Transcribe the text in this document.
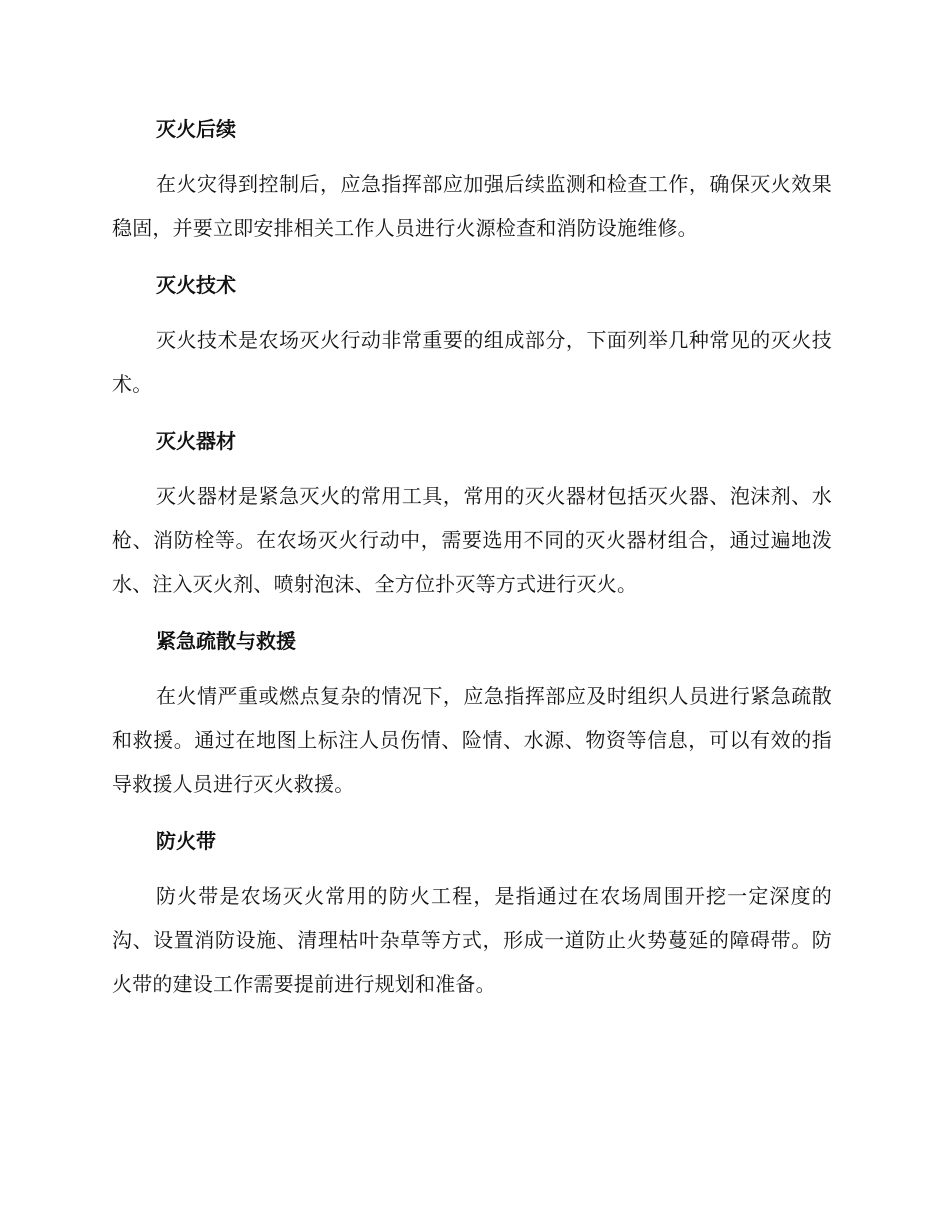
灭火后续

在火灾得到控制后，应急指挥部应加强后续监测和检查工作，确保灭火效果稳固，并要立即安排相关工作人员进行火源检查和消防设施维修。

灭火技术

灭火技术是农场灭火行动非常重要的组成部分，下面列举几种常见的灭火技术。

灭火器材

灭火器材是紧急灭火的常用工具，常用的灭火器材包括灭火器、泡沫剂、水枪、消防栓等。在农场灭火行动中，需要选用不同的灭火器材组合，通过遍地泼水、注入灭火剂、喷射泡沫、全方位扑灭等方式进行灭火。

紧急疏散与救援

在火情严重或燃点复杂的情况下，应急指挥部应及时组织人员进行紧急疏散和救援。通过在地图上标注人员伤情、险情、水源、物资等信息，可以有效的指导救援人员进行灭火救援。

防火带

防火带是农场灭火常用的防火工程，是指通过在农场周围开挖一定深度的沟、设置消防设施、清理枯叶杂草等方式，形成一道防止火势蔓延的障碍带。防火带的建设工作需要提前进行规划和准备。
